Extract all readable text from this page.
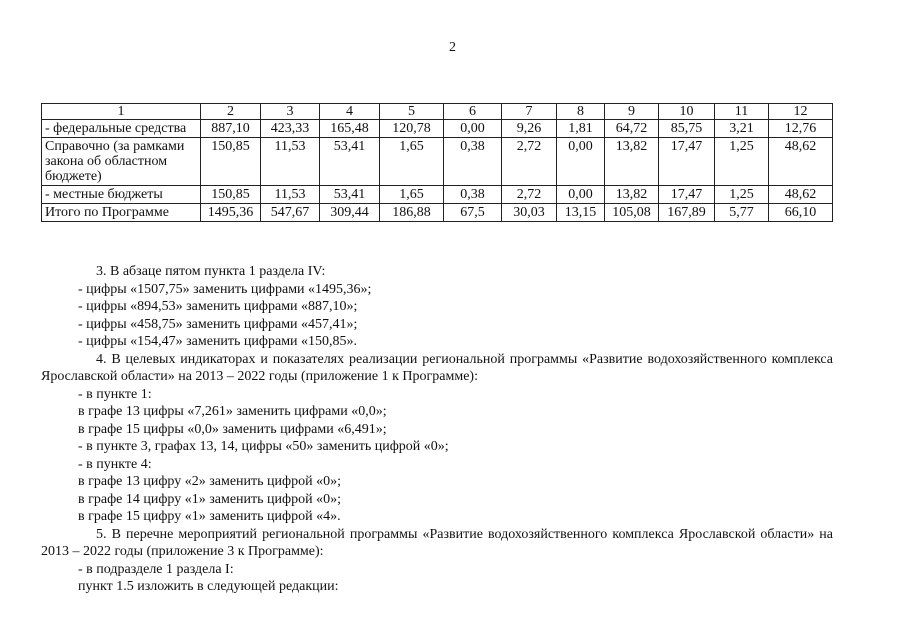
2
1	2	3	4	5	6	7	8	9	10	11	12
- федеральные средства	887,10	423,33	165,48	120,78	0,00	9,26	1,81	64,72	85,75	3,21	12,76
Справочно (за рамками закона об областном бюджете)	150,85	11,53	53,41	1,65	0,38	2,72	0,00	13,82	17,47	1,25	48,62
- местные бюджеты	150,85	11,53	53,41	1,65	0,38	2,72	0,00	13,82	17,47	1,25	48,62
Итого по Программе	1495,36	547,67	309,44	186,88	67,5	30,03	13,15	105,08	167,89	5,77	66,10

3. В абзаце пятом пункта 1 раздела IV:

- цифры «1507,75» заменить цифрами «1495,36»;

- цифры «894,53» заменить цифрами «887,10»;

- цифры «458,75» заменить цифрами «457,41»;

- цифры «154,47» заменить цифрами «150,85».

4. В целевых индикаторах и показателях реализации региональной программы «Развитие водохозяйственного комплекса Ярославской области» на 2013 – 2022 годы (приложение 1 к Программе):

- в пункте 1:

в графе 13 цифры «7,261» заменить цифрами «0,0»;

в графе 15 цифры «0,0» заменить цифрами «6,491»;

- в пункте 3, графах 13, 14, цифры «50» заменить цифрой «0»;

- в пункте 4:

в графе 13 цифру «2» заменить цифрой «0»;

в графе 14 цифру «1» заменить цифрой «0»;

в графе 15 цифру «1» заменить цифрой «4».

5. В перечне мероприятий региональной программы «Развитие водохозяйственного комплекса Ярославской области» на 2013 – 2022 годы (приложение 3 к Программе):

- в подразделе 1 раздела I:

пункт 1.5 изложить в следующей редакции:
